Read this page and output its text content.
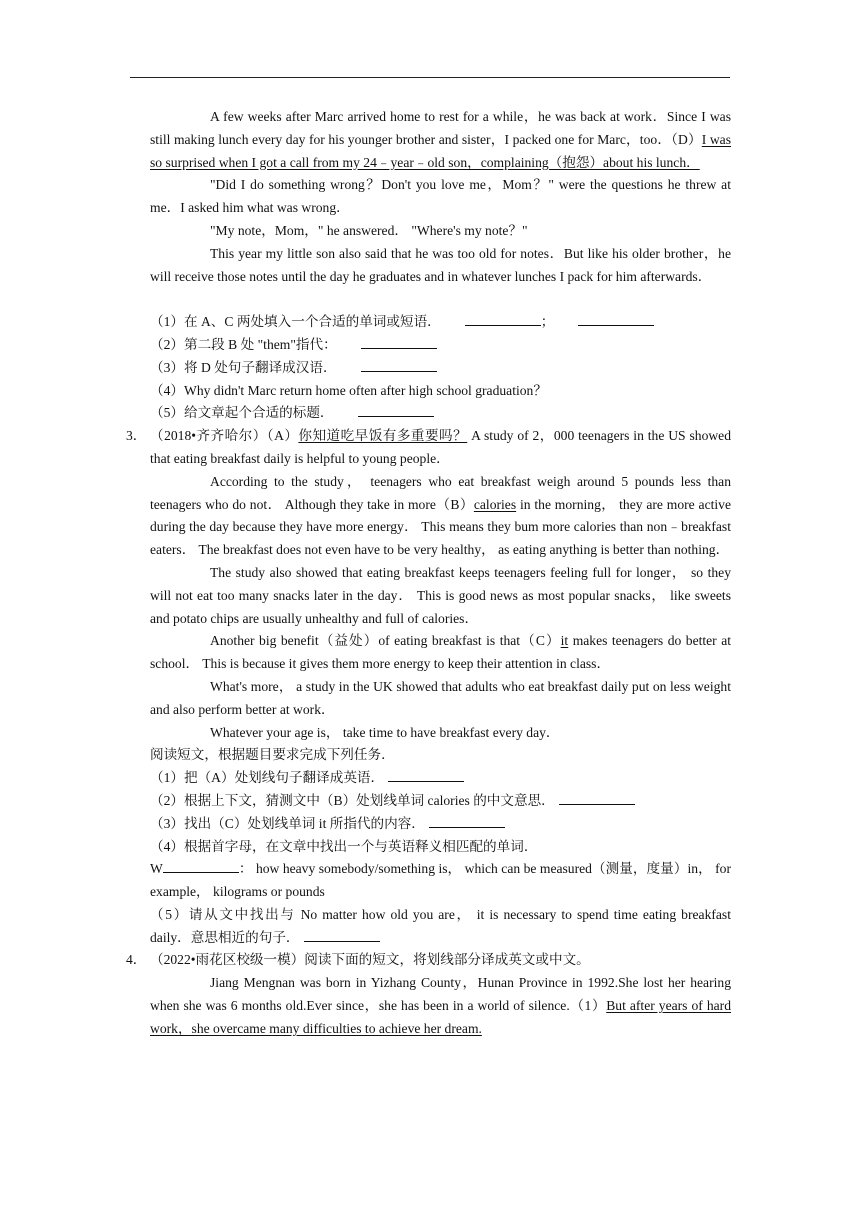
A few weeks after Marc arrived home to rest for a while，he was back at work．Since I was still making lunch every day for his younger brother and sister，I packed one for Marc，too．（D）I was so surprised when I got a call from my 24﹣year﹣old son，complaining（抱怨）about his lunch．

"Did I do something wrong？Don't you love me，Mom？" were the questions he threw at me．I asked him what was wrong．

"My note，Mom，" he answered． "Where's my note？"

This year my little son also said that he was too old for notes．But like his older brother，he will receive those notes until the day he graduates and in whatever lunches I pack for him afterwards．

（1）在 A、C 两处填入一个合适的单词或短语．	；

（2）第二段 B 处 "them"指代：

（3）将 D 处句子翻译成汉语．

（4）Why didn't Marc return home often after high school graduation？

（5）给文章起个合适的标题．

3． （2018•齐齐哈尔）（A）你知道吃早饭有多重要吗？ A study of 2，000 teenagers in the US showed that eating breakfast daily is helpful to young people．

According to the study， teenagers who eat breakfast weigh around 5 pounds less than teenagers who do not． Although they take in more（B）calories in the morning， they are more active during the day because they have more energy． This means they bum more calories than non﹣breakfast eaters． The breakfast does not even have to be very healthy， as eating anything is better than nothing．

The study also showed that eating breakfast keeps teenagers feeling full for longer， so they will not eat too many snacks later in the day． This is good news as most popular snacks， like sweets and potato chips are usually unhealthy and full of calories．

Another big benefit（益处）of eating breakfast is that（C）it makes teenagers do better at school． This is because it gives them more energy to keep their attention in class．

What's more， a study in the UK showed that adults who eat breakfast daily put on less weight and also perform better at work．

Whatever your age is， take time to have breakfast every day．

阅读短文，根据题目要求完成下列任务．

（1）把（A）处划线句子翻译成英语．

（2）根据上下文，猜测文中（B）处划线单词 calories 的中文意思．

（3）找出（C）处划线单词 it 所指代的内容．

（4）根据首字母，在文章中找出一个与英语释义相匹配的单词．

W	： how heavy somebody/something is， which can be measured（测量，度量）in， for example， kilograms or pounds

（5）请从文中找出与 No matter how old you are， it is necessary to spend time eating breakfast daily．意思相近的句子．

4． （2022•雨花区校级一模）阅读下面的短文，将划线部分译成英文或中文。

Jiang Mengnan was born in Yizhang County，Hunan Province in 1992.She lost her hearing when she was 6 months old.Ever since，she has been in a world of silence.（1）But after years of hard work，she overcame many difficulties to achieve her dream.
